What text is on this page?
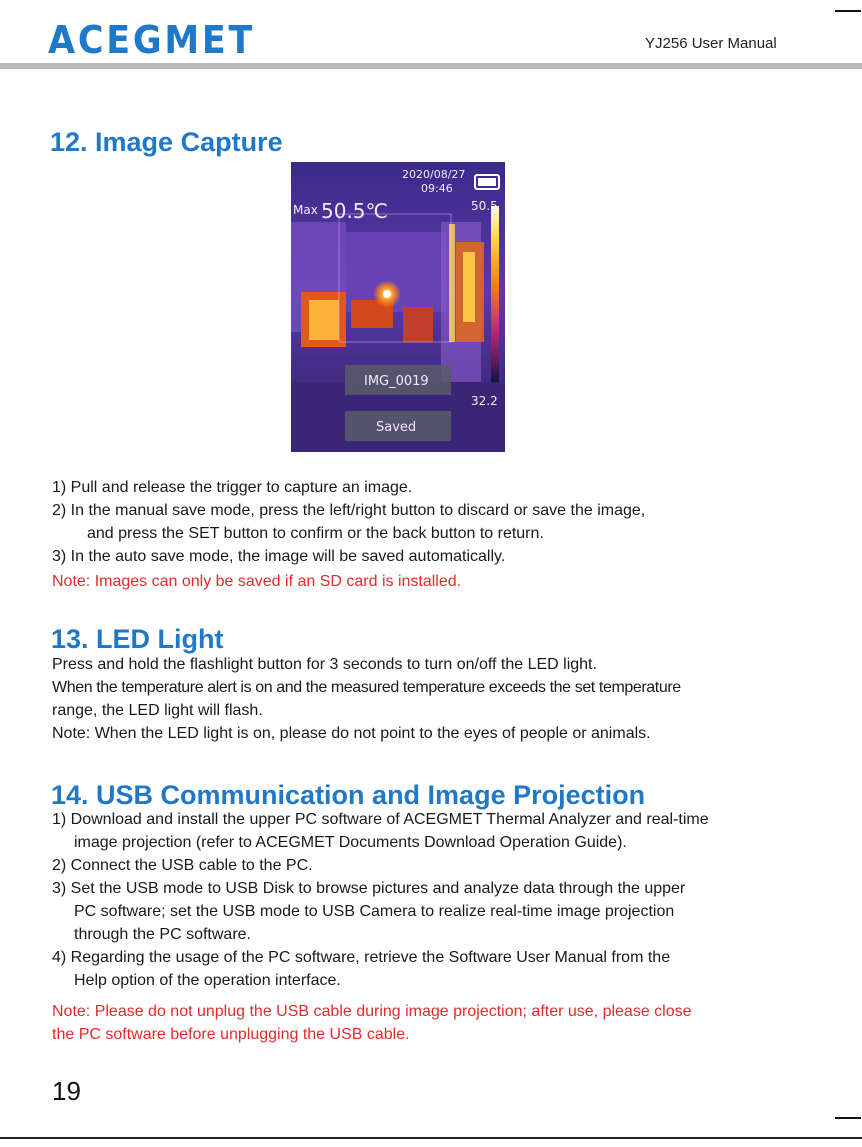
ACEGMET	YJ256 User Manual
12. Image Capture
2020/08/27
09:46
Max 50.5℃	50.5
32.2
IMG_0019
Saved
1) Pull and release the trigger to capture an image.
2) In the manual save mode, press the left/right button to discard or save the image,
and press the SET button to confirm or the back button to return.
3) In the auto save mode, the image will be saved automatically.
Note: Images can only be saved if an SD card is installed.
13. LED Light
Press and hold the flashlight button for 3 seconds to turn on/off the LED light.
When the temperature alert is on and the measured temperature exceeds the set temperature
range, the LED light will flash.
Note: When the LED light is on, please do not point to the eyes of people or animals.
14. USB Communication and Image Projection
1) Download and install the upper PC software of ACEGMET Thermal Analyzer and real-time
image projection (refer to ACEGMET Documents Download Operation Guide).
2) Connect the USB cable to the PC.
3) Set the USB mode to USB Disk to browse pictures and analyze data through the upper
PC software; set the USB mode to USB Camera to realize real-time image projection
through the PC software.
4) Regarding the usage of the PC software, retrieve the Software User Manual from the
Help option of the operation interface.
Note: Please do not unplug the USB cable during image projection; after use, please close
the PC software before unplugging the USB cable.
19
